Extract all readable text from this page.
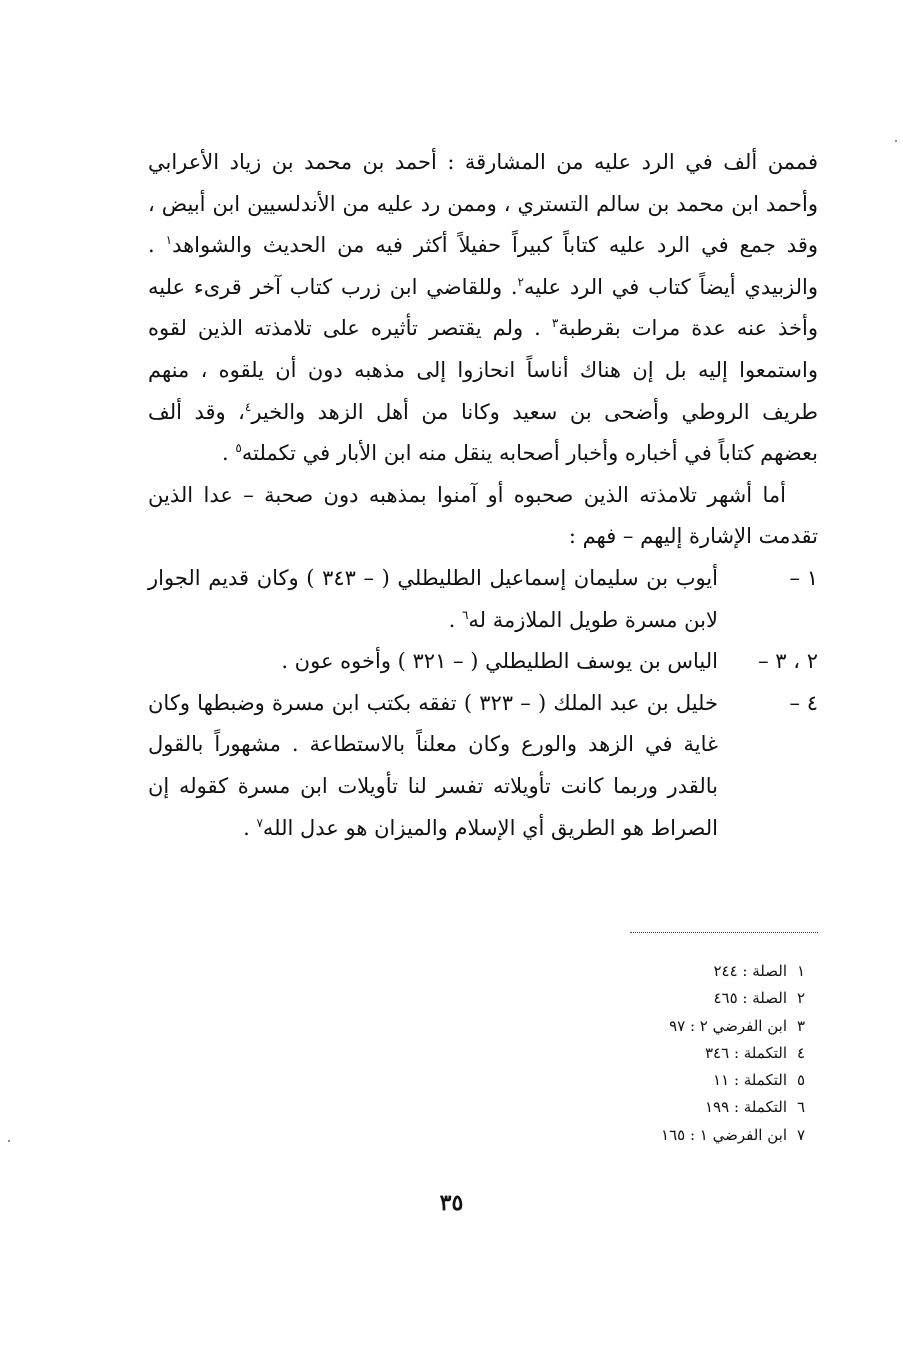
فممن ألف في الرد عليه من المشارقة : أحمد بن محمد بن زياد الأعرابي وأحمد ابن محمد بن سالم التستري ، وممن رد عليه من الأندلسيين ابن أبيض ، وقد جمع في الرد عليه كتاباً كبيراً حفيلاً أكثر فيه من الحديث والشواهد$^١$ . والزبيدي أيضاً كتاب في الرد عليه$^٢$. وللقاضي ابن زرب كتاب آخر قرىء عليه وأخذ عنه عدة مرات بقرطبة$^٣$ . ولم يقتصر تأثيره على تلامذته الذين لقوه واستمعوا إليه بل إن هناك أناساً انحازوا إلى مذهبه دون أن يلقوه ، منهم طريف الروطي وأضحى بن سعيد وكانا من أهل الزهد والخير$^٤$، وقد ألف بعضهم كتاباً في أخباره وأخبار أصحابه ينقل منه ابن الأبار في تكملته$^٥$ .

أما أشهر تلامذته الذين صحبوه أو آمنوا بمذهبه دون صحبة – عدا الذين تقدمت الإشارة إليهم – فهم :

١ –
أيوب بن سليمان إسماعيل الطليطلي ( – ٣٤٣ ) وكان قديم الجوار لابن مسرة طويل الملازمة له$^٦$ .
٢ ، ٣ –
الياس بن يوسف الطليطلي ( – ٣٢١ ) وأخوه عون .
٤ –
خليل بن عبد الملك ( – ٣٢٣ ) تفقه بكتب ابن مسرة وضبطها وكان غاية في الزهد والورع وكان معلناً بالاستطاعة . مشهوراً بالقول بالقدر وربما كانت تأويلاته تفسر لنا تأويلات ابن مسرة كقوله إن الصراط هو الطريق أي الإسلام والميزان هو عدل الله$^٧$ .
١الصلة : ٢٤٤
٢الصلة : ٤٦٥
٣ابن الفرضي ٢ : ٩٧
٤التكملة : ٣٤٦
٥التكملة : ١١
٦التكملة : ١٩٩
٧ابن الفرضي ١ : ١٦٥
٣٥
